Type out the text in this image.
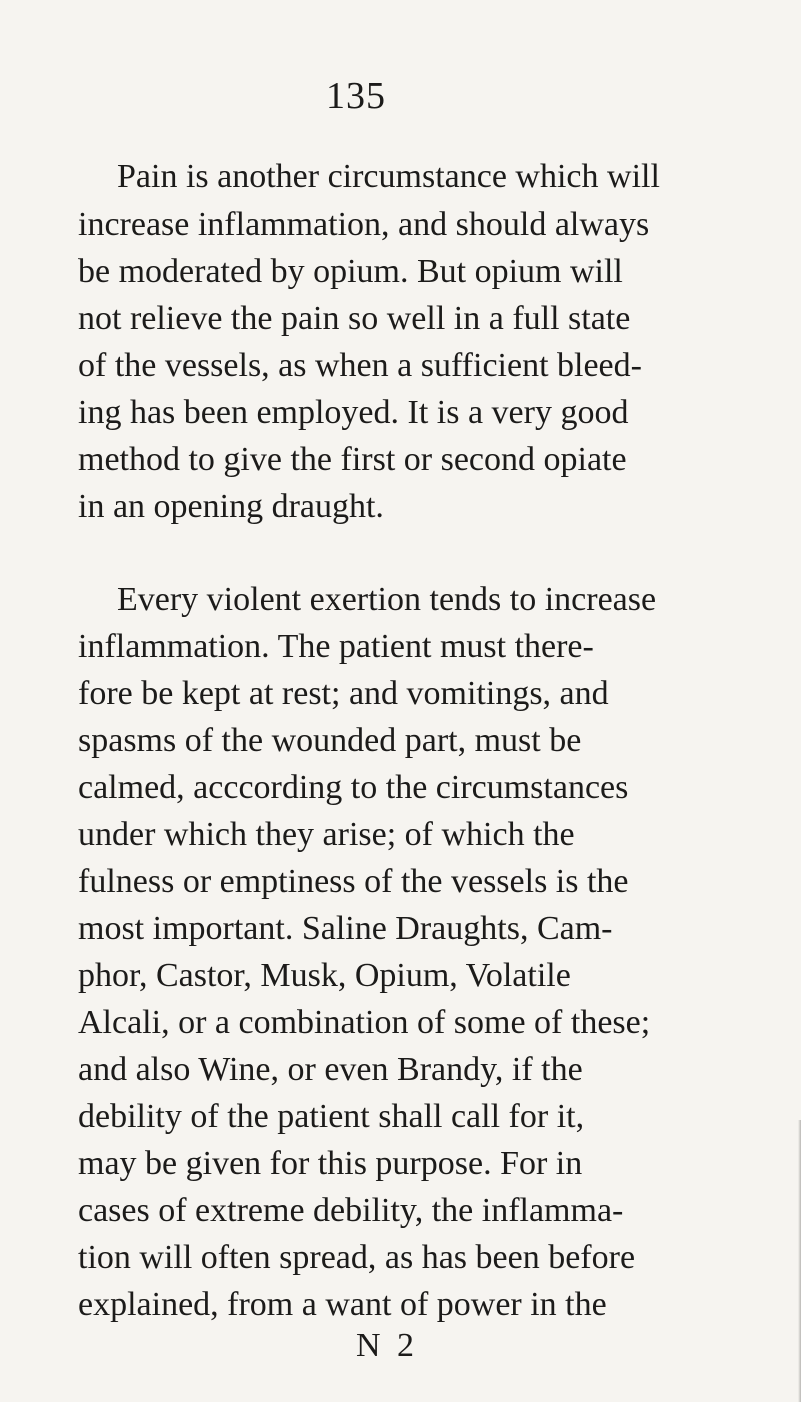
135
Pain is another circumstance which will
increase inflammation, and should always
be moderated by opium. But opium will
not relieve the pain so well in a full state
of the vessels, as when a sufficient bleed-
ing has been employed. It is a very good
method to give the first or second opiate
in an opening draught.
Every violent exertion tends to increase
inflammation. The patient must there-
fore be kept at rest; and vomitings, and
spasms of the wounded part, must be
calmed, acccording to the circumstances
under which they arise; of which the
fulness or emptiness of the vessels is the
most important. Saline Draughts, Cam-
phor, Castor, Musk, Opium, Volatile
Alcali, or a combination of some of these;
and also Wine, or even Brandy, if the
debility of the patient shall call for it,
may be given for this purpose. For in
cases of extreme debility, the inflamma-
tion will often spread, as has been before
explained, from a want of power in the
N 2
